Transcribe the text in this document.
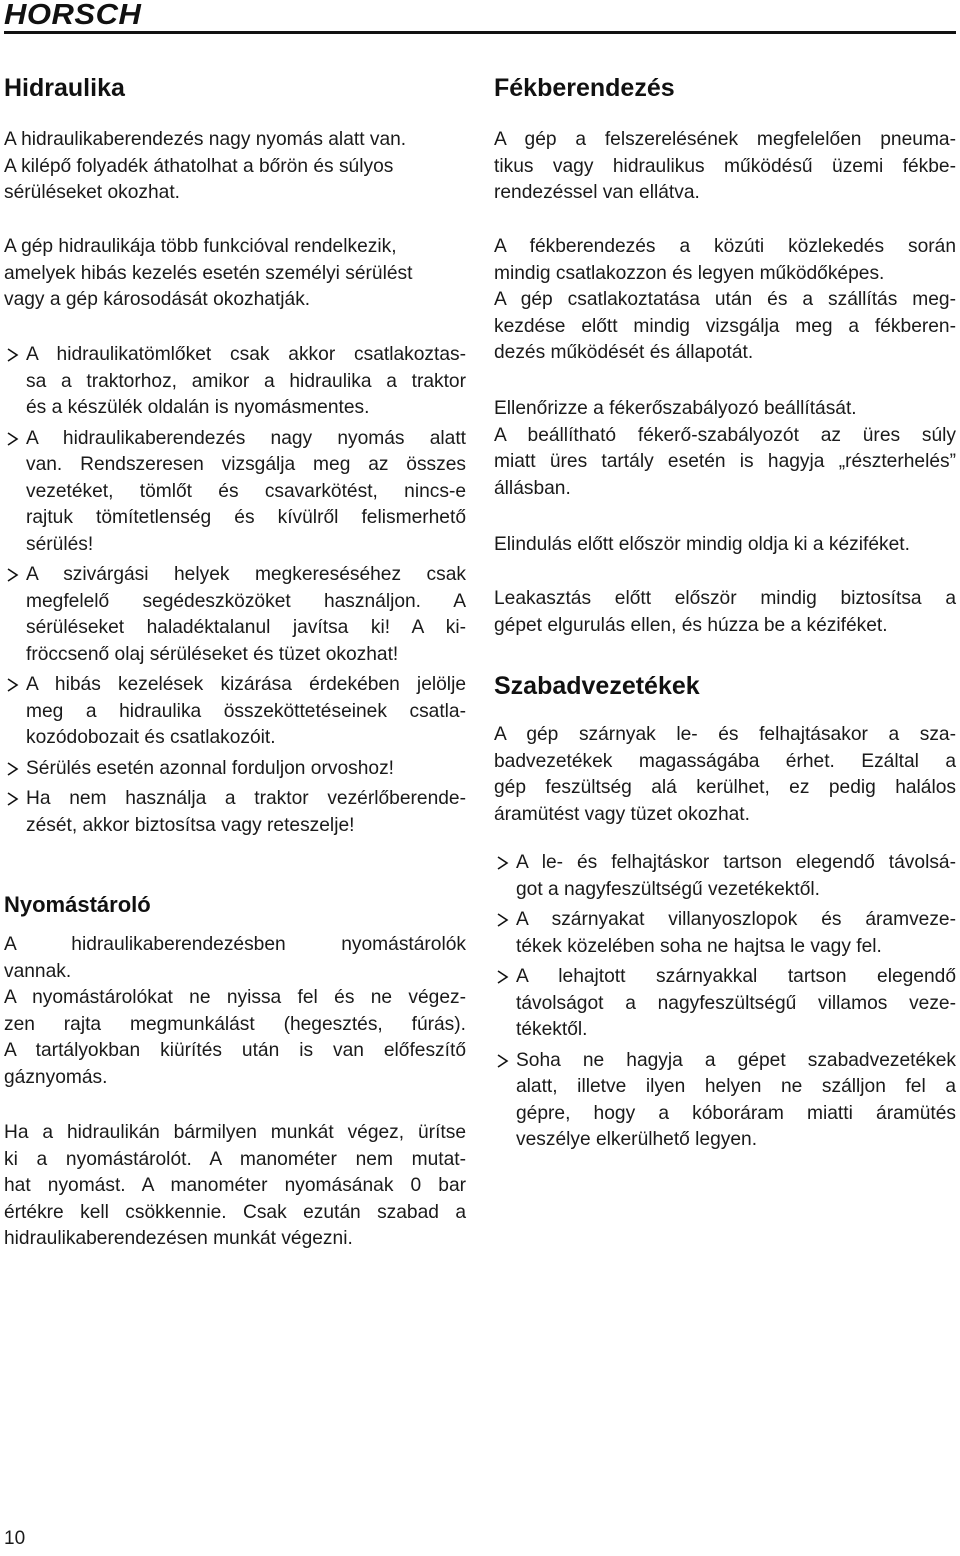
HORSCH
Hidraulika

A hidraulikaberendezés nagy nyomás alatt van.
A kilépő folyadék áthatolhat a bőrön és súlyos
sérüléseket okozhat.

A gép hidraulikája több funkcióval rendelkezik,
amelyek hibás kezelés esetén személyi sérülést
vagy a gép károsodását okozhatják.

A hidraulikatömlőket csak akkor csatlakoztas-
sa a traktorhoz, amikor a hidraulika a traktor
és a készülék oldalán is nyomásmentes.
A hidraulikaberendezés nagy nyomás alatt
van. Rendszeresen vizsgálja meg az összes
vezetéket, tömlőt és csavarkötést, nincs-e
rajtuk tömítetlenség és kívülről felismerhető
sérülés!
A szivárgási helyek megkereséséhez csak
megfelelő segédeszközöket használjon. A
sérüléseket haladéktalanul javítsa ki! A ki-
fröccsenő olaj sérüléseket és tüzet okozhat!
A hibás kezelések kizárása érdekében jelölje
meg a hidraulika összeköttetéseinek csatla-
kozódobozait és csatlakozóit.
Sérülés esetén azonnal forduljon orvoshoz!
Ha nem használja a traktor vezérlőberende-
zését, akkor biztosítsa vagy reteszelje!
Nyomástároló

A hidraulikaberendezésben nyomástárolók
vannak.
A nyomástárolókat ne nyissa fel és ne végez-
zen rajta megmunkálást (hegesztés, fúrás).
A tartályokban kiürítés után is van előfeszítő
gáznyomás.

Ha a hidraulikán bármilyen munkát végez, ürítse
ki a nyomástárolót. A manométer nem mutat-
hat nyomást. A manométer nyomásának 0 bar
értékre kell csökkennie. Csak ezután szabad a
hidraulikaberendezésen munkát végezni.

Fékberendezés

A gép a felszerelésének megfelelően pneuma-
tikus vagy hidraulikus működésű üzemi fékbe-
rendezéssel van ellátva.

A fékberendezés a közúti közlekedés során
mindig csatlakozzon és legyen működőképes.
A gép csatlakoztatása után és a szállítás meg-
kezdése előtt mindig vizsgálja meg a fékberen-
dezés működését és állapotát.

Ellenőrizze a fékerőszabályozó beállítását.
A beállítható fékerő-szabályozót az üres súly
miatt üres tartály esetén is hagyja „részterhelés”
állásban.

Elindulás előtt először mindig oldja ki a kéziféket.

Leakasztás előtt először mindig biztosítsa a
gépet elgurulás ellen, és húzza be a kéziféket.

Szabadvezetékek

A gép szárnyak le- és felhajtásakor a sza-
badvezetékek magasságába érhet. Ezáltal a
gép feszültség alá kerülhet, ez pedig halálos
áramütést vagy tüzet okozhat.

A le- és felhajtáskor tartson elegendő távolsá-
got a nagyfeszültségű vezetékektől.
A szárnyakat villanyoszlopok és áramveze-
tékek közelében soha ne hajtsa le vagy fel.
A lehajtott szárnyakkal tartson elegendő
távolságot a nagyfeszültségű villamos veze-
tékektől.
Soha ne hagyja a gépet szabadvezetékek
alatt, illetve ilyen helyen ne szálljon fel a
gépre, hogy a kóboráram miatti áramütés
veszélye elkerülhető legyen.
10
